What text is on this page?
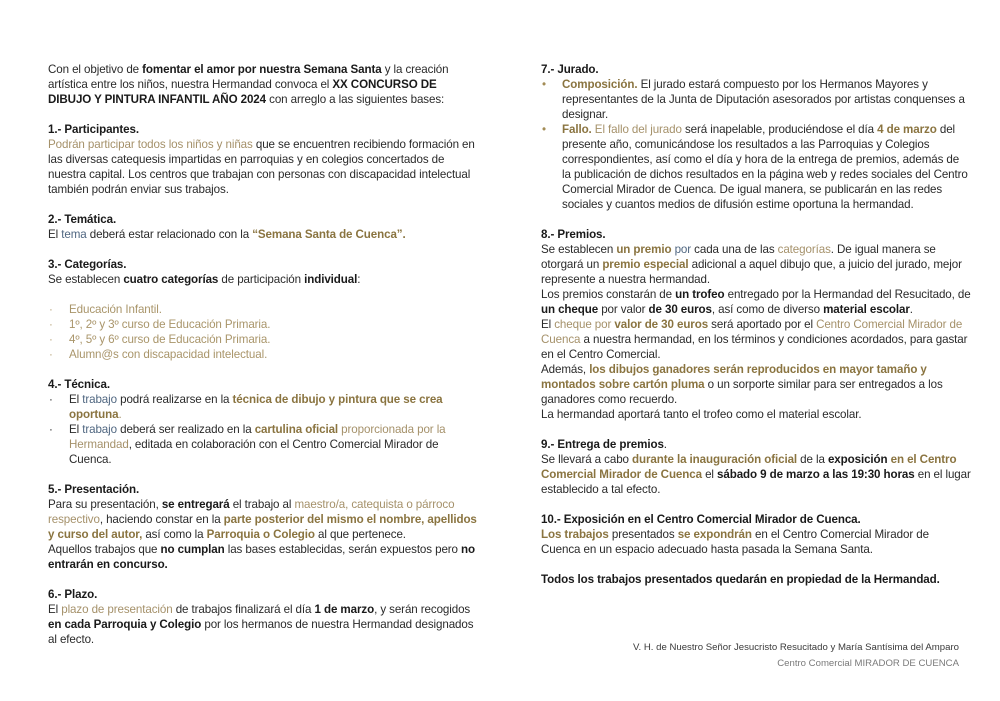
Con el objetivo de fomentar el amor por nuestra Semana Santa y la creación artística entre los niños, nuestra Hermandad convoca el XX CONCURSO DE DIBUJO Y PINTURA INFANTIL AÑO 2024 con arreglo a las siguientes bases:

1.- Participantes.

Podrán participar todos los niños y niñas que se encuentren recibiendo formación en las diversas catequesis impartidas en parroquias y en colegios concertados de nuestra capital. Los centros que trabajan con personas con discapacidad intelectual también podrán enviar sus trabajos.

2.- Temática.

El tema deberá estar relacionado con la “Semana Santa de Cuenca”.

3.- Categorías.

Se establecen cuatro categorías de participación individual:

· Educación Infantil.
· 1º, 2º y 3º curso de Educación Primaria.
· 4º, 5º y 6º curso de Educación Primaria.
· Alumn@s con discapacidad intelectual.

4.- Técnica.

· El trabajo podrá realizarse en la técnica de dibujo y pintura que se crea oportuna.
· El trabajo deberá ser realizado en la cartulina oficial proporcionada por la Hermandad, editada en colaboración con el Centro Comercial Mirador de Cuenca.

5.- Presentación.

Para su presentación, se entregará el trabajo al maestro/a, catequista o párroco respectivo, haciendo constar en la parte posterior del mismo el nombre, apellidos y curso del autor, así como la Parroquia o Colegio al que pertenece.

Aquellos trabajos que no cumplan las bases establecidas, serán expuestos pero no entrarán en concurso.

6.- Plazo.

El plazo de presentación de trabajos finalizará el día 1 de marzo, y serán recogidos en cada Parroquia y Colegio por los hermanos de nuestra Hermandad designados al efecto.

7.- Jurado.

• Composición. El jurado estará compuesto por los Hermanos Mayores y representantes de la Junta de Diputación asesorados por artistas conquenses a designar.
• Fallo. El fallo del jurado será inapelable, produciéndose el día 4 de marzo del presente año, comunicándose los resultados a las Parroquias y Colegios correspondientes, así como el día y hora de la entrega de premios, además de la publicación de dichos resultados en la página web y redes sociales del Centro Comercial Mirador de Cuenca. De igual manera, se publicarán en las redes sociales y cuantos medios de difusión estime oportuna la hermandad.

8.- Premios.

Se establecen un premio por cada una de las categorías. De igual manera se otorgará un premio especial adicional a aquel dibujo que, a juicio del jurado, mejor represente a nuestra hermandad.

Los premios constarán de un trofeo entregado por la Hermandad del Resucitado, de un cheque por valor de 30 euros, así como de diverso material escolar.

El cheque por valor de 30 euros será aportado por el Centro Comercial Mirador de Cuenca a nuestra hermandad, en los términos y condiciones acordados, para gastar en el Centro Comercial.

Además, los dibujos ganadores serán reproducidos en mayor tamaño y montados sobre cartón pluma o un sorporte similar para ser entregados a los ganadores como recuerdo.

La hermandad aportará tanto el trofeo como el material escolar.

9.- Entrega de premios.

Se llevará a cabo durante la inauguración oficial de la exposición en el Centro Comercial Mirador de Cuenca el sábado 9 de marzo a las 19:30 horas en el lugar establecido a tal efecto.

10.- Exposición en el Centro Comercial Mirador de Cuenca.

Los trabajos presentados se expondrán en el Centro Comercial Mirador de Cuenca en un espacio adecuado hasta pasada la Semana Santa.

Todos los trabajos presentados quedarán en propiedad de la Hermandad.

V. H. de Nuestro Señor Jesucristo Resucitado y María Santísima del Amparo
Centro Comercial MIRADOR DE CUENCA
